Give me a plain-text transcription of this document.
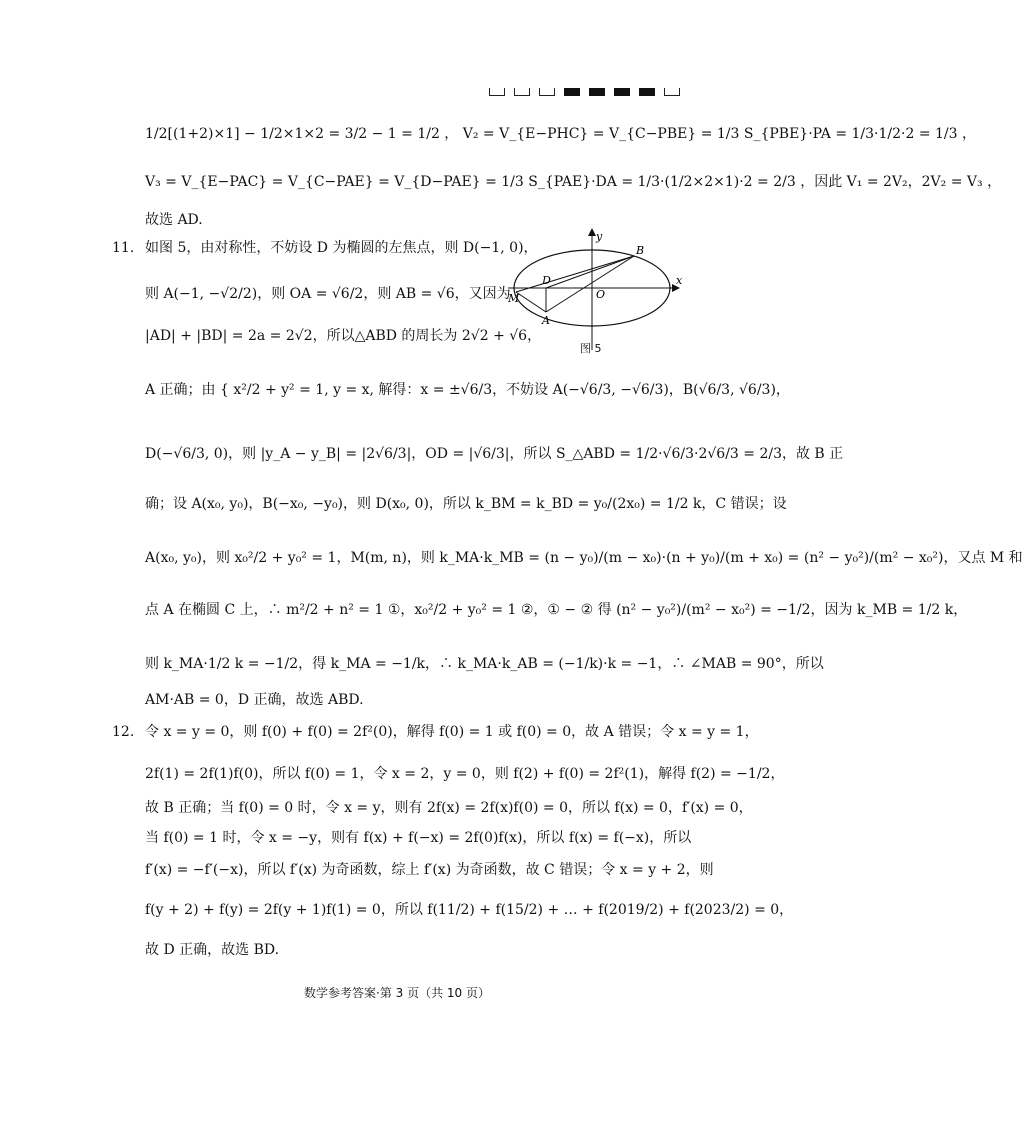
1/2[(1+2)×1] − 1/2×1×2 = 3/2 − 1 = 1/2 ， V₂ = V_{E−PHC} = V_{C−PBE} = 1/3 S_{PBE}·PA = 1/3·1/2·2 = 1/3 ，
V₃ = V_{E−PAC} = V_{C−PAE} = V_{D−PAE} = 1/3 S_{PAE}·DA = 1/3·(1/2×2×1)·2 = 2/3 ，因此 V₁ = 2V₂，2V₂ = V₃ ，
故选 AD.
11. 如图 5，由对称性，不妨设 D 为椭圆的左焦点，则 D(−1, 0)，
则 A(−1, −√2/2)，则 OA = √6/2，则 AB = √6，又因为
|AD| + |BD| = 2a = 2√2，所以△ABD 的周长为 2√2 + √6，
A 正确；由 { x²/2 + y² = 1, y = x, 解得：x = ±√6/3，不妨设 A(−√6/3, −√6/3)，B(√6/3, √6/3)，
D(−√6/3, 0)，则 |y_A − y_B| = |2√6/3|，OD = |√6/3|，所以 S_△ABD = 1/2·√6/3·2√6/3 = 2/3，故 B 正
确；设 A(x₀, y₀)，B(−x₀, −y₀)，则 D(x₀, 0)，所以 k_BM = k_BD = y₀/(2x₀) = 1/2 k，C 错误；设
A(x₀, y₀)，则 x₀²/2 + y₀² = 1，M(m, n)，则 k_MA·k_MB = (n − y₀)/(m − x₀)·(n + y₀)/(m + x₀) = (n² − y₀²)/(m² − x₀²)，又点 M 和
点 A 在椭圆 C 上，∴ m²/2 + n² = 1 ①，x₀²/2 + y₀² = 1 ②，① − ② 得 (n² − y₀²)/(m² − x₀²) = −1/2，因为 k_MB = 1/2 k，
则 k_MA·1/2 k = −1/2，得 k_MA = −1/k，∴ k_MA·k_AB = (−1/k)·k = −1，∴ ∠MAB = 90°，所以
AM·AB = 0，D 正确，故选 ABD.
y
x
B
D
O
M
A
图 5
12. 令 x = y = 0，则 f(0) + f(0) = 2f²(0)，解得 f(0) = 1 或 f(0) = 0，故 A 错误；令 x = y = 1，
2f(1) = 2f(1)f(0)，所以 f(0) = 1，令 x = 2，y = 0，则 f(2) + f(0) = 2f²(1)，解得 f(2) = −1/2，
故 B 正确；当 f(0) = 0 时，令 x = y，则有 2f(x) = 2f(x)f(0) = 0，所以 f(x) = 0，f′(x) = 0，
当 f(0) = 1 时，令 x = −y，则有 f(x) + f(−x) = 2f(0)f(x)，所以 f(x) = f(−x)，所以
f′(x) = −f′(−x)，所以 f′(x) 为奇函数，综上 f′(x) 为奇函数，故 C 错误；令 x = y + 2，则
f(y + 2) + f(y) = 2f(y + 1)f(1) = 0，所以 f(11/2) + f(15/2) + … + f(2019/2) + f(2023/2) = 0，
故 D 正确，故选 BD.
数学参考答案·第 3 页（共 10 页）
